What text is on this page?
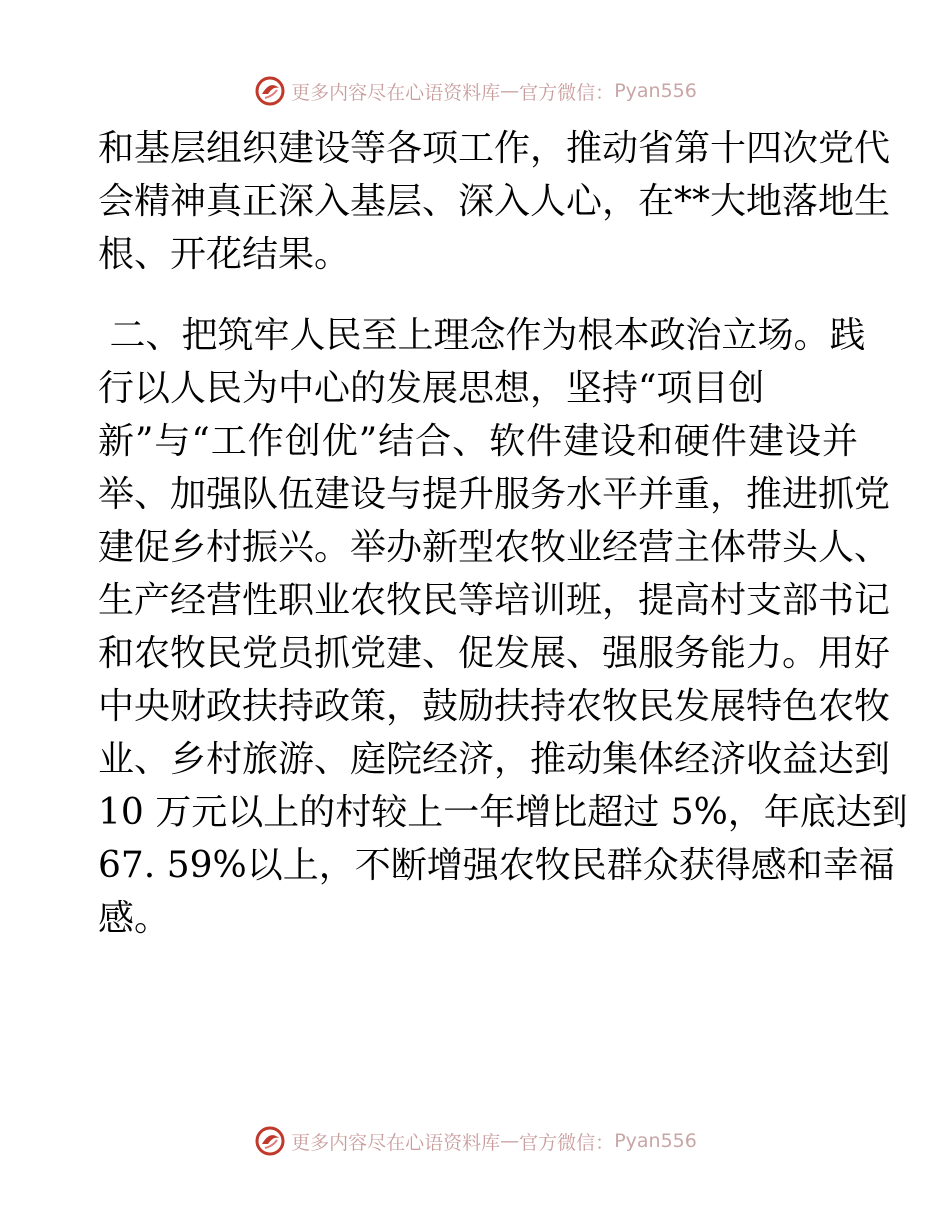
更多内容尽在心语资料库 — 官方微信： Pyan556
和基层组织建设等各项工作，推动省第十四次党代
会精神真正深入基层、深入人心，在**大地落地生
根、开花结果。
二、把筑牢人民至上理念作为根本政治立场。践
行以人民为中心的发展思想，坚持“项目创
新”与“工作创优”结合、软件建设和硬件建设并
举、加强队伍建设与提升服务水平并重，推进抓党
建促乡村振兴。举办新型农牧业经营主体带头人、
生产经营性职业农牧民等培训班，提高村支部书记
和农牧民党员抓党建、促发展、强服务能力。用好
中央财政扶持政策，鼓励扶持农牧民发展特色农牧
业、乡村旅游、庭院经济，推动集体经济收益达到
10 万元以上的村较上一年增比超过 5%，年底达到
67. 59%以上，不断增强农牧民群众获得感和幸福
感。
更多内容尽在心语资料库 — 官方微信： Pyan556
